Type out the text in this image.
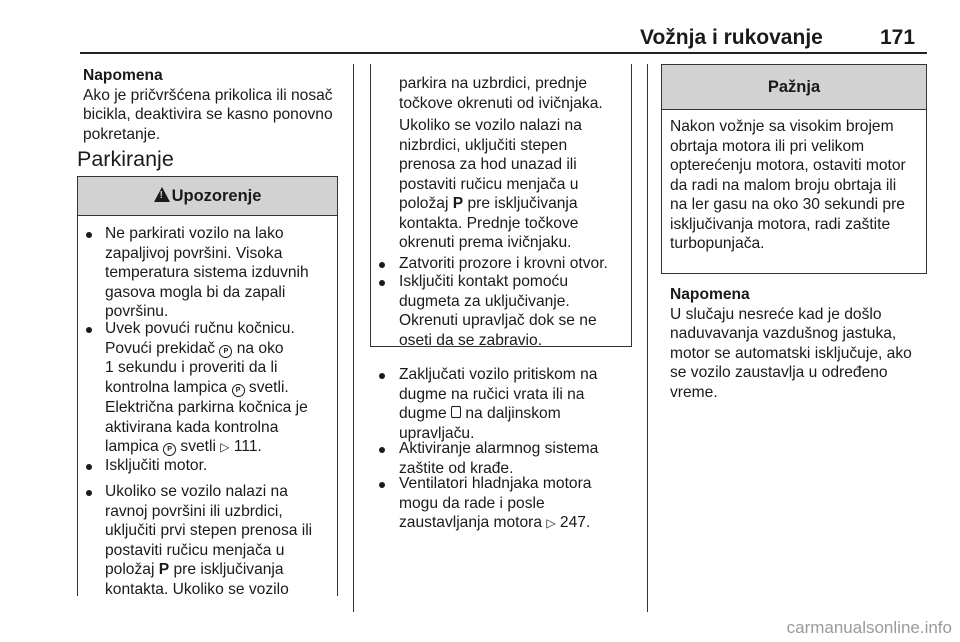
Vožnja i rukovanje	171
Napomena
Ako je pričvršćena prikolica ili nosač
bicikla, deaktivira se kasno ponovno
pokretanje.
Parkiranje
!Upozorenje
Ne parkirati vozilo na lako
zapaljivoj površini. Visoka
temperatura sistema izduvnih
gasova mogla bi da zapali
površinu.
Uvek povući ručnu kočnicu.
Povući prekidač P na oko
1 sekundu i proveriti da li
kontrolna lampica P svetli.
Električna parkirna kočnica je
aktivirana kada kontrolna
lampica P svetli ▷ 111.
Isključiti motor.
Ukoliko se vozilo nalazi na
ravnoj površini ili uzbrdici,
uključiti prvi stepen prenosa ili
postaviti ručicu menjača u
položaj P pre isključivanja
kontakta. Ukoliko se vozilo
parkira na uzbrdici, prednje
točkove okrenuti od ivičnjaka.
Ukoliko se vozilo nalazi na
nizbrdici, uključiti stepen
prenosa za hod unazad ili
postaviti ručicu menjača u
položaj P pre isključivanja
kontakta. Prednje točkove
okrenuti prema ivičnjaku.
Zatvoriti prozore i krovni otvor.
Isključiti kontakt pomoću
dugmeta za uključivanje.
Okrenuti upravljač dok se ne
oseti da se zabravio.
Zaključati vozilo pritiskom na
dugme na ručici vrata ili na
dugme  na daljinskom
upravljaču.
Aktiviranje alarmnog sistema
zaštite od krađe.
Ventilatori hladnjaka motora
mogu da rade i posle
zaustavljanja motora ▷ 247.
Pažnja
Nakon vožnje sa visokim brojem
obrtaja motora ili pri velikom
opterećenju motora, ostaviti motor
da radi na malom broju obrtaja ili
na ler gasu na oko 30 sekundi pre
isključivanja motora, radi zaštite
turbopunjača.
Napomena
U slučaju nesreće kad je došlo
naduvavanja vazdušnog jastuka,
motor se automatski isključuje, ako
se vozilo zaustavlja u određeno
vreme.
carmanualsonline.info
